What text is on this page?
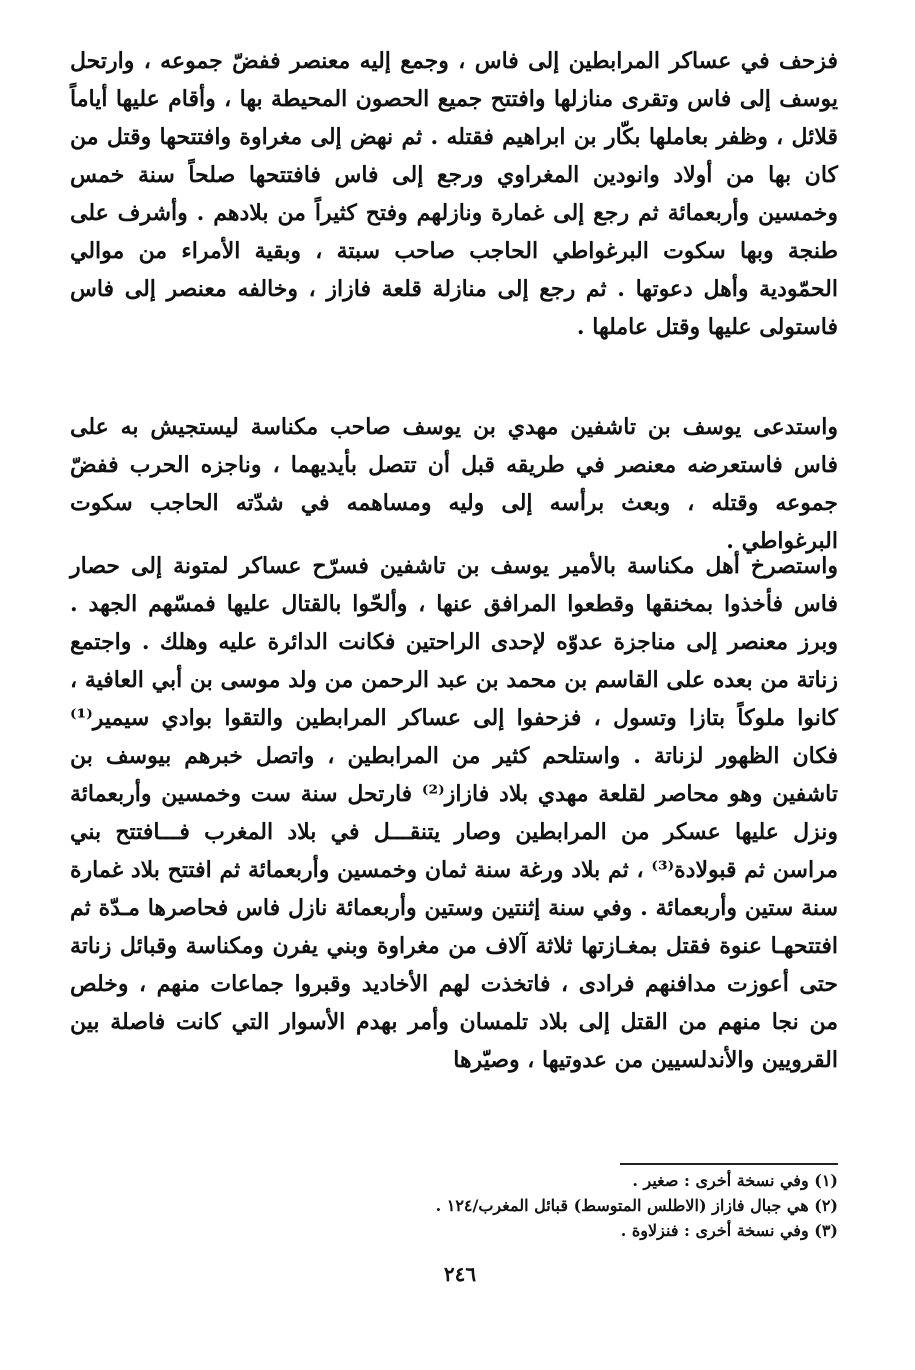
فزحف في عساكر المرابطين إلى فاس ، وجمع إليه معنصر ففضّ جموعه ، وارتحل يوسف إلى فاس وتقرى منازلها وافتتح جميع الحصون المحيطة بها ، وأقام عليها أياماً قلائل ، وظفر بعاملها بكّار بن ابراهيم فقتله . ثم نهض إلى مغراوة وافتتحها وقتل من كان بها من أولاد وانودين المغراوي ورجع إلى فاس فافتتحها صلحاً سنة خمس وخمسين وأربعمائة ثم رجع إلى غمارة ونازلهم وفتح كثيراً من بلادهم . وأشرف على طنجة وبها سكوت البرغواطي الحاجب صاحب سبتة ، وبقية الأمراء من موالي الحمّودية وأهل دعوتها . ثم رجع إلى منازلة قلعة فازاز ، وخالفه معنصر إلى فاس فاستولى عليها وقتل عاملها .

واستدعى يوسف بن تاشفين مهدي بن يوسف صاحب مكناسة ليستجيش به على فاس فاستعرضه معنصر في طريقه قبل أن تتصل بأيديهما ، وناجزه الحرب ففضّ جموعه وقتله ، وبعث برأسه إلى وليه ومساهمه في شدّته الحاجب سكوت البرغواطي .

واستصرخ أهل مكناسة بالأمير يوسف بن تاشفين فسرّح عساكر لمتونة إلى حصار فاس فأخذوا بمخنقها وقطعوا المرافق عنها ، وألحّوا بالقتال عليها فمسّهم الجهد . وبرز معنصر إلى مناجزة عدوّه لإحدى الراحتين فكانت الدائرة عليه وهلك . واجتمع زناتة من بعده على القاسم بن محمد بن عبد الرحمن من ولد موسى بن أبي العافية ، كانوا ملوكاً بتازا وتسول ، فزحفوا إلى عساكر المرابطين والتقوا بوادي سيمير⁽¹⁾ فكان الظهور لزناتة . واستلحم كثير من المرابطين ، واتصل خبرهم بيوسف بن تاشفين وهو محاصر لقلعة مهدي بلاد فازاز⁽²⁾ فارتحل سنة ست وخمسين وأربعمائة ونزل عليها عسكر من المرابطين وصار يتنقـــل في بلاد المغرب فـــافتتح بني مراسن ثم قبولادة⁽³⁾ ، ثم بلاد ورغة سنة ثمان وخمسين وأربعمائة ثم افتتح بلاد غمارة سنة ستين وأربعمائة . وفي سنة إثنتين وستين وأربعمائة نازل فاس فحاصرها مـدّة ثم افتتحهـا عنوة فقتل بمغـازتها ثلاثة آلاف من مغراوة وبني يفرن ومكناسة وقبائل زناتة حتى أعوزت مدافنهم فرادى ، فاتخذت لهم الأخاديد وقبروا جماعات منهم ، وخلص من نجا منهم من القتل إلى بلاد تلمسان وأمر بهدم الأسوار التي كانت فاصلة بين القرويين والأندلسيين من عدوتيها ، وصيّرها

(١) وفي نسخة أخرى : صغير .

(٢) هي جبال فازاز (الاطلس المتوسط) قبائل المغرب/١٢٤ .

(٣) وفي نسخة أخرى : فنزلاوة .

٢٤٦
